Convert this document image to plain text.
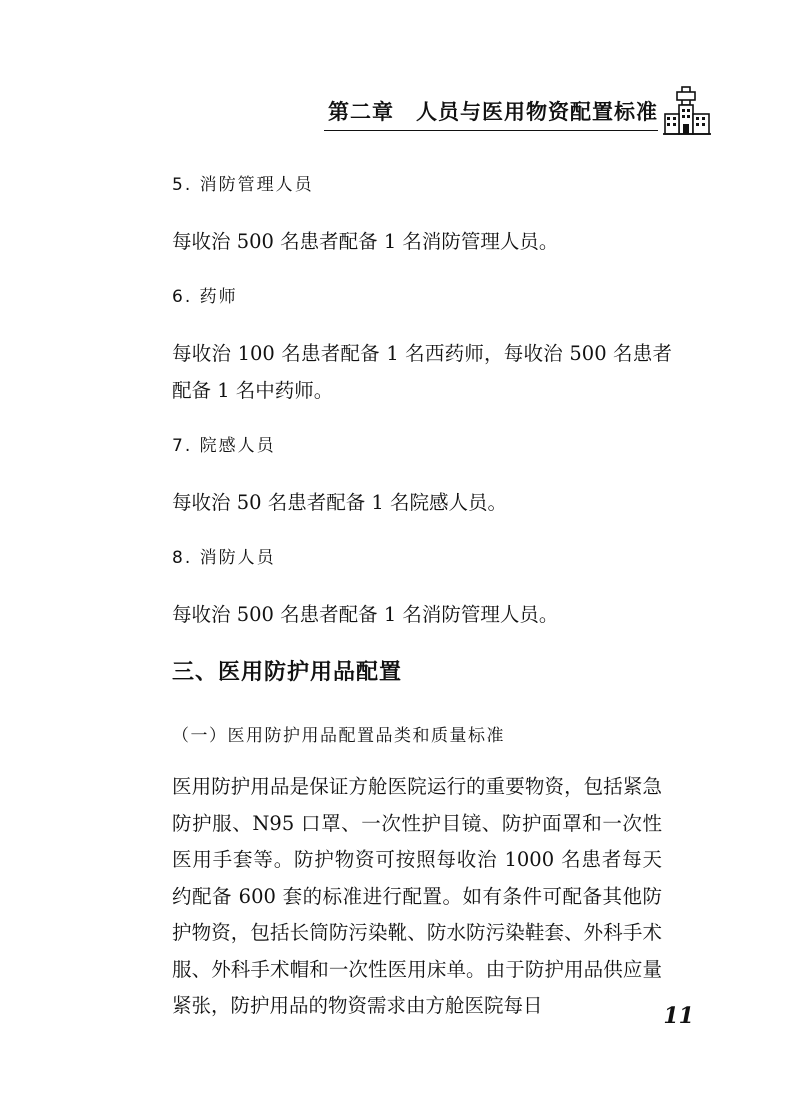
第二章　人员与医用物资配置标准

5. 消防管理人员

每收治 500 名患者配备 1 名消防管理人员。

6. 药师

每收治 100 名患者配备 1 名西药师，每收治 500 名患者配备 1 名中药师。

7. 院感人员

每收治 50 名患者配备 1 名院感人员。

8. 消防人员

每收治 500 名患者配备 1 名消防管理人员。

三、医用防护用品配置

（一）医用防护用品配置品类和质量标准

医用防护用品是保证方舱医院运行的重要物资，包括紧急防护服、N95 口罩、一次性护目镜、防护面罩和一次性医用手套等。防护物资可按照每收治 1000 名患者每天约配备 600 套的标准进行配置。如有条件可配备其他防护物资，包括长筒防污染靴、防水防污染鞋套、外科手术服、外科手术帽和一次性医用床单。由于防护用品供应量紧张，防护用品的物资需求由方舱医院每日	11
